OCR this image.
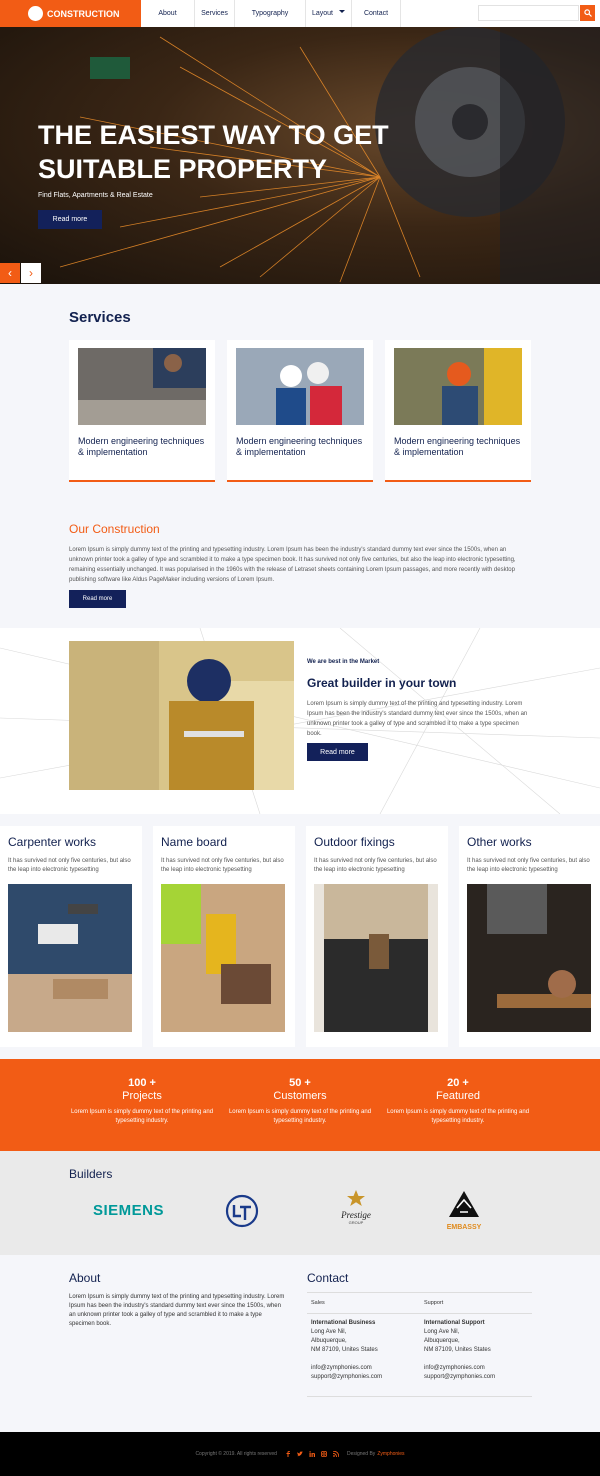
CONSTRUCTION	About	Services	Typography	Layout	Contact
THE EASIEST WAY TO GET SUITABLE PROPERTY
Find Flats, Apartments & Real Estate
Read more
‹ ›
Services
Modern engineering techniques & implementation
Modern engineering techniques & implementation
Modern engineering techniques & implementation
Our Construction
Lorem Ipsum is simply dummy text of the printing and typesetting industry. Lorem Ipsum has been the industry's standard dummy text ever since the 1500s, when an unknown printer took a galley of type and scrambled it to make a type specimen book. It has survived not only five centuries, but also the leap into electronic typesetting, remaining essentially unchanged. It was popularised in the 1960s with the release of Letraset sheets containing Lorem Ipsum passages, and more recently with desktop publishing software like Aldus PageMaker including versions of Lorem Ipsum.
Read more
We are best in the Market
Great builder in your town
Lorem Ipsum is simply dummy text of the printing and typesetting industry. Lorem Ipsum has been the industry's standard dummy text ever since the 1500s, when an unknown printer took a galley of type and scrambled it to make a type specimen book.
Read more
Carpenter works
It has survived not only five centuries, but also the leap into electronic typesetting
Name board
It has survived not only five centuries, but also the leap into electronic typesetting
Outdoor fixings
It has survived not only five centuries, but also the leap into electronic typesetting
Other works
It has survived not only five centuries, but also the leap into electronic typesetting
100 +
Projects
Lorem Ipsum is simply dummy text of the printing and typesetting industry.
50 +
Customers
Lorem Ipsum is simply dummy text of the printing and typesetting industry.
20 +
Featured
Lorem Ipsum is simply dummy text of the printing and typesetting industry.
Builders
SIEMENS	Prestige
GROUP
EMBASSY
About
Lorem Ipsum is simply dummy text of the printing and typesetting industry. Lorem Ipsum has been the industry's standard dummy text ever since the 1500s, when an unknown printer took a galley of type and scrambled it to make a type specimen book.
Contact
Sales	Support
International Business
Long Ave Nil,
Albuquerque,
NM 87109, Unites States
info@zymphonies.com
support@zymphonies.com
International Support
Long Ave Nil,
Albuquerque,
NM 87109, Unites States
info@zymphonies.com
support@zymphonies.com
Copyright © 2019. All rights reserved	Designed By Zymphonies
